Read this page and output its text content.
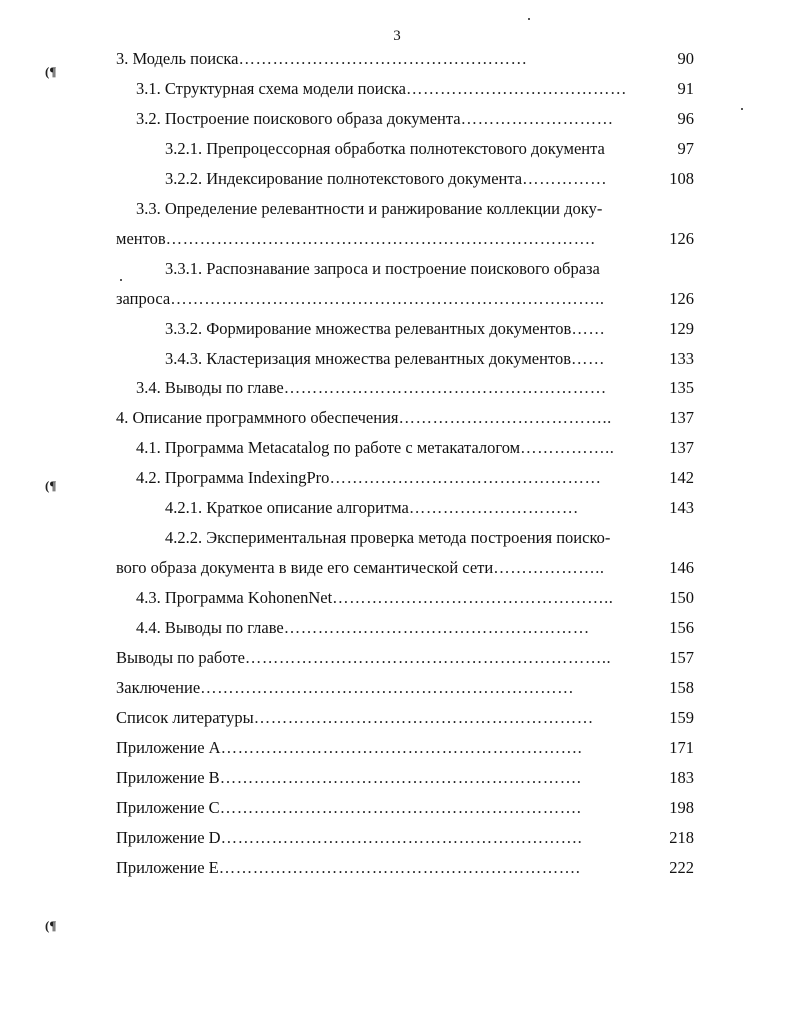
3
(¶
(¶
(¶
3. Модель поиска……………………………………………	90
3.1. Структурная схема модели поиска…………………………………	91
3.2. Построение поискового образа документа………………………	96
3.2.1. Препроцессорная обработка полнотекстового документа	97
3.2.2. Индексирование полнотекстового документа……………	108
3.3. Определение релевантности и ранжирование коллекции доку-
ментов………………………………………………………………….	126
3.3.1. Распознавание запроса и построение поискового образа
запроса…………………………………………………………………..	126
3.3.2. Формирование множества релевантных документов……	129
3.4.3. Кластеризация множества релевантных документов……	133
3.4. Выводы по главе…………………………………………………	135
4. Описание программного обеспечения………………………………..	137
4.1. Программа Metacatalog по работе с метакаталогом……………..	137
4.2. Программа IndexingPro…………………………………………	142
4.2.1. Краткое описание алгоритма…………………………	143
4.2.2. Экспериментальная проверка метода построения поиско-
вого образа документа в виде его семантической сети………………..	146
4.3. Программа KohonenNet…………………………………………..	150
4.4. Выводы по главе………………………………………………	156
Выводы по работе………………………………………………………..	157
Заключение…………………………………………………………	158
Список литературы……………………………………………………	159
Приложение А……………………………………………………….	171
Приложение В……………………………………………………….	183
Приложение С……………………………………………………….	198
Приложение D……………………………………………………….	218
Приложение Е……………………………………………………….	222
